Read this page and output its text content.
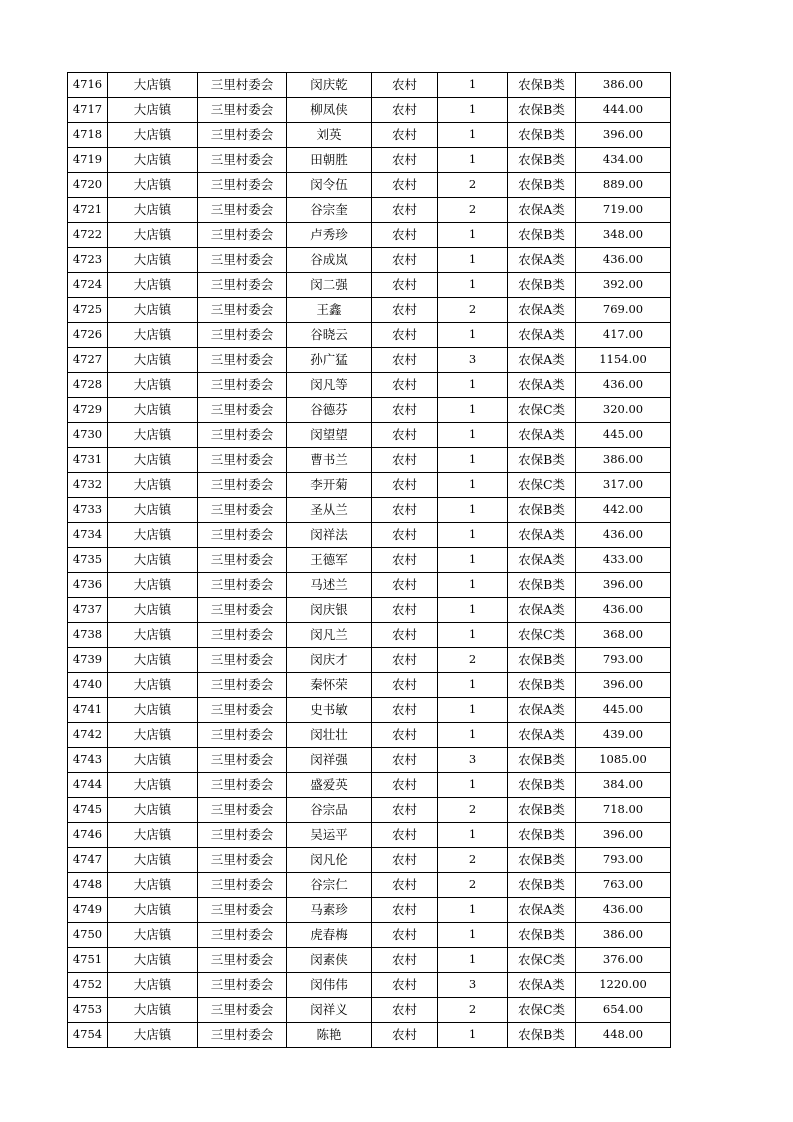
4716	大店镇	三里村委会	闵庆乾	农村	1	农保B类	386.00
4717	大店镇	三里村委会	柳凤侠	农村	1	农保B类	444.00
4718	大店镇	三里村委会	刘英	农村	1	农保B类	396.00
4719	大店镇	三里村委会	田朝胜	农村	1	农保B类	434.00
4720	大店镇	三里村委会	闵令伍	农村	2	农保B类	889.00
4721	大店镇	三里村委会	谷宗奎	农村	2	农保A类	719.00
4722	大店镇	三里村委会	卢秀珍	农村	1	农保B类	348.00
4723	大店镇	三里村委会	谷成岚	农村	1	农保A类	436.00
4724	大店镇	三里村委会	闵二强	农村	1	农保B类	392.00
4725	大店镇	三里村委会	王鑫	农村	2	农保A类	769.00
4726	大店镇	三里村委会	谷晓云	农村	1	农保A类	417.00
4727	大店镇	三里村委会	孙广猛	农村	3	农保A类	1154.00
4728	大店镇	三里村委会	闵凡等	农村	1	农保A类	436.00
4729	大店镇	三里村委会	谷德芬	农村	1	农保C类	320.00
4730	大店镇	三里村委会	闵望望	农村	1	农保A类	445.00
4731	大店镇	三里村委会	曹书兰	农村	1	农保B类	386.00
4732	大店镇	三里村委会	李开菊	农村	1	农保C类	317.00
4733	大店镇	三里村委会	圣从兰	农村	1	农保B类	442.00
4734	大店镇	三里村委会	闵祥法	农村	1	农保A类	436.00
4735	大店镇	三里村委会	王德军	农村	1	农保A类	433.00
4736	大店镇	三里村委会	马述兰	农村	1	农保B类	396.00
4737	大店镇	三里村委会	闵庆银	农村	1	农保A类	436.00
4738	大店镇	三里村委会	闵凡兰	农村	1	农保C类	368.00
4739	大店镇	三里村委会	闵庆才	农村	2	农保B类	793.00
4740	大店镇	三里村委会	秦怀荣	农村	1	农保B类	396.00
4741	大店镇	三里村委会	史书敏	农村	1	农保A类	445.00
4742	大店镇	三里村委会	闵壮壮	农村	1	农保A类	439.00
4743	大店镇	三里村委会	闵祥强	农村	3	农保B类	1085.00
4744	大店镇	三里村委会	盛爱英	农村	1	农保B类	384.00
4745	大店镇	三里村委会	谷宗品	农村	2	农保B类	718.00
4746	大店镇	三里村委会	吴运平	农村	1	农保B类	396.00
4747	大店镇	三里村委会	闵凡伦	农村	2	农保B类	793.00
4748	大店镇	三里村委会	谷宗仁	农村	2	农保B类	763.00
4749	大店镇	三里村委会	马素珍	农村	1	农保A类	436.00
4750	大店镇	三里村委会	虎春梅	农村	1	农保B类	386.00
4751	大店镇	三里村委会	闵素侠	农村	1	农保C类	376.00
4752	大店镇	三里村委会	闵伟伟	农村	3	农保A类	1220.00
4753	大店镇	三里村委会	闵祥义	农村	2	农保C类	654.00
4754	大店镇	三里村委会	陈艳	农村	1	农保B类	448.00
